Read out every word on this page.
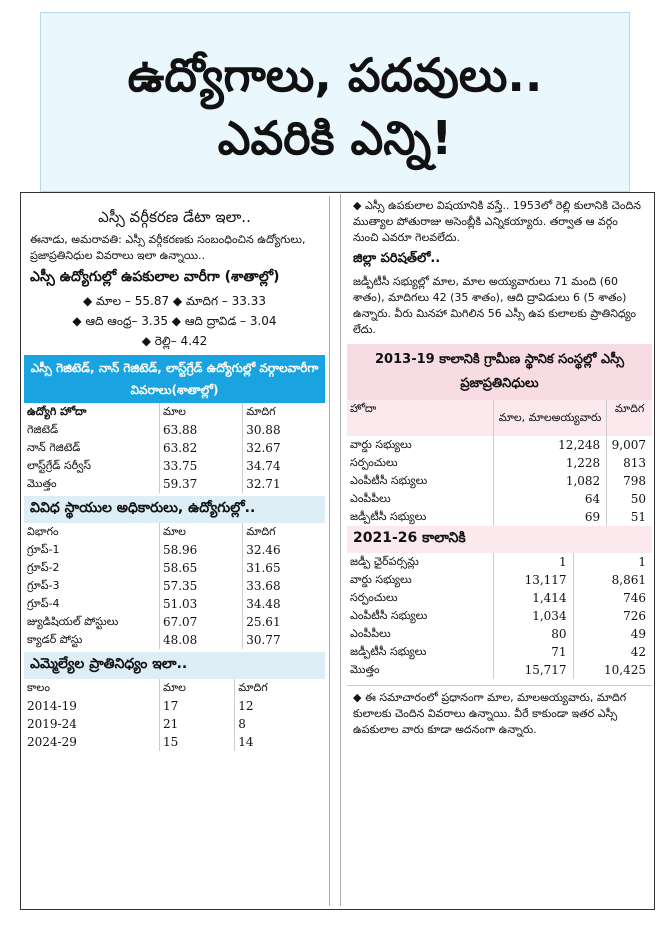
ఉద్యోగాలు, పదవులు..
ఎవరికి ఎన్ని!
ఎస్సీ వర్గీకరణ డేటా ఇలా..
ఈనాడు, అమరావతి: ఎస్సీ వర్గీకరణకు సంబంధించిన ఉద్యోగులు, ప్రజాప్రతినిధుల వివరాలు ఇలా ఉన్నాయి..
ఎస్సీ ఉద్యోగుల్లో ఉపకులాల వారీగా (శాతాల్లో)
◆ మాల – 55.87 ◆ మాదిగ – 33.33
◆ ఆది ఆంధ్ర– 3.35 ◆ ఆది ద్రావిడ – 3.04
◆ రెల్లి– 4.42
ఎస్సీ గెజిటెడ్, నాన్ గెజిటెడ్, లాస్ట్‌గ్రేడ్ ఉద్యోగుల్లో వర్గాలవారీగా వివరాలు(శాతాల్లో)
ఉద్యోగి హోదా	మాల	మాదిగ
గెజిటెడ్	63.88	30.88
నాన్ గెజిటెడ్	63.82	32.67
లాస్ట్‌గ్రేడ్ సర్వీస్	33.75	34.74
మొత్తం	59.37	32.71
వివిధ స్థాయుల అధికారులు, ఉద్యోగుల్లో..
విభాగం	మాల	మాదిగ
గ్రూప్-1	58.96	32.46
గ్రూప్-2	58.65	31.65
గ్రూప్-3	57.35	33.68
గ్రూప్-4	51.03	34.48
జ్యుడిషియల్ పోస్టులు	67.07	25.61
క్యాడర్ పోస్టు	48.08	30.77
ఎమ్మెల్యేల ప్రాతినిధ్యం ఇలా..
కాలం	మాల	మాదిగ
2014-19	17	12
2019-24	21	8
2024-29	15	14
◆ ఎస్సీ ఉపకులాల విషయానికి వస్తే.. 1953లో రెల్లి కులానికి చెందిన ముత్యాల పోతురాజు అసెంబ్లీకి ఎన్నికయ్యారు. తర్వాత ఆ వర్గం నుంచి ఎవరూ గెలవలేదు.
జిల్లా పరిషత్‌లో..
జడ్పీటీసీ సభ్యుల్లో మాల, మాల అయ్యవారులు 71 మంది (60 శాతం), మాదిగలు 42 (35 శాతం), ఆది ద్రావిడులు 6 (5 శాతం) ఉన్నారు. వీరు మినహా మిగిలిన 56 ఎస్సీ ఉప కులాలకు ప్రాతినిధ్యం లేదు.
2013-19 కాలానికి గ్రామీణ స్థానిక సంస్థల్లో ఎస్సీ ప్రజాప్రతినిధులు
హోదా	మాల, మాలఅయ్యవారు	మాదిగ
వార్డు సభ్యులు	12,248	9,007
సర్పంచులు	1,228	813
ఎంపీటీసీ సభ్యులు	1,082	798
ఎంపీపీలు	64	50
జడ్పీటీసీ సభ్యులు	69	51
2021-26 కాలానికి
జడ్పీ ఛైర్‌పర్సన్లు	1	1
వార్డు సభ్యులు	13,117	8,861
సర్పంచులు	1,414	746
ఎంపీటీసీ సభ్యులు	1,034	726
ఎంపీపీలు	80	49
జడ్పీటీసీ సభ్యులు	71	42
మొత్తం	15,717	10,425
◆ ఈ సమాచారంలో ప్రధానంగా మాల, మాలఅయ్యవారు, మాదిగ కులాలకు చెందిన వివరాలు ఉన్నాయి. వీరే కాకుండా ఇతర ఎస్సీ ఉపకులాల వారు కూడా అదనంగా ఉన్నారు.
